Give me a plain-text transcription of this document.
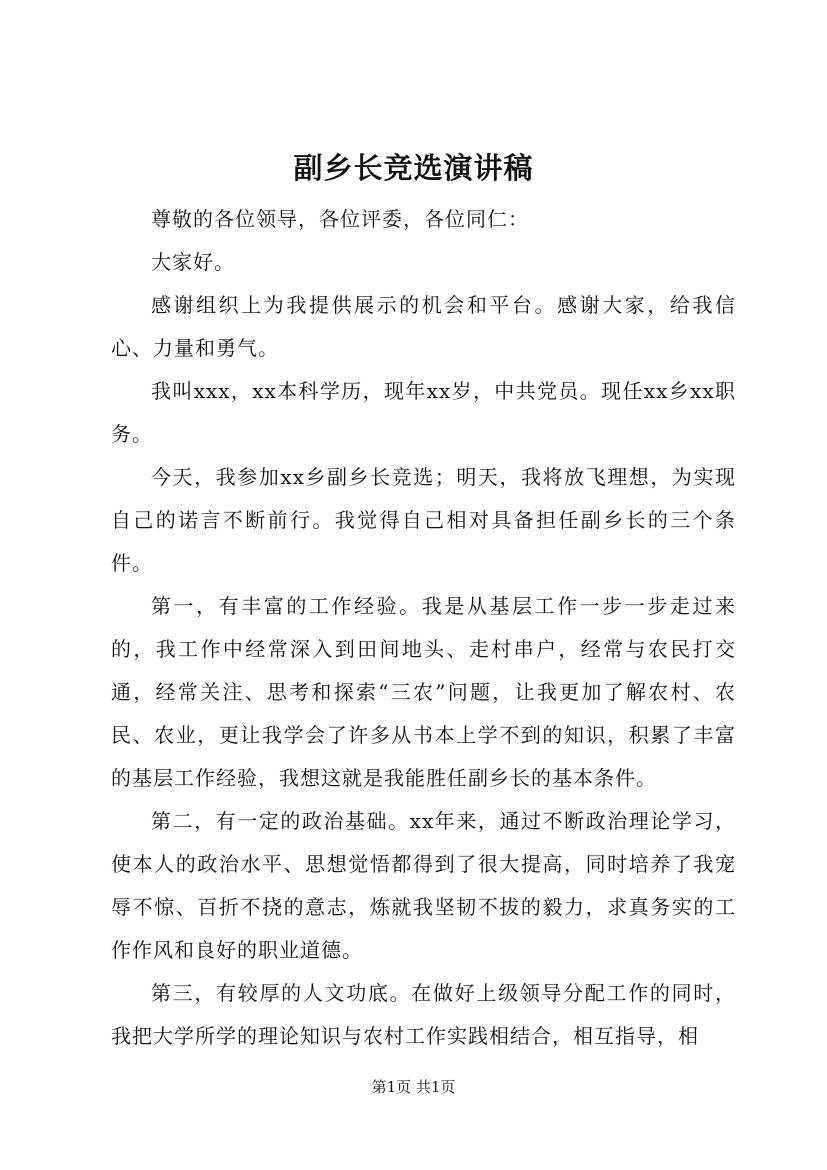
副乡长竞选演讲稿

尊敬的各位领导，各位评委，各位同仁：

大家好。

感谢组织上为我提供展示的机会和平台。感谢大家，给我信心、力量和勇气。

我叫xxx，xx本科学历，现年xx岁，中共党员。现任xx乡xx职务。

今天，我参加xx乡副乡长竞选；明天，我将放飞理想，为实现自己的诺言不断前行。我觉得自己相对具备担任副乡长的三个条件。

第一，有丰富的工作经验。我是从基层工作一步一步走过来的，我工作中经常深入到田间地头、走村串户，经常与农民打交通，经常关注、思考和探索“三农”问题，让我更加了解农村、农民、农业，更让我学会了许多从书本上学不到的知识，积累了丰富的基层工作经验，我想这就是我能胜任副乡长的基本条件。

第二，有一定的政治基础。xx年来，通过不断政治理论学习，使本人的政治水平、思想觉悟都得到了很大提高，同时培养了我宠辱不惊、百折不挠的意志，炼就我坚韧不拔的毅力，求真务实的工作作风和良好的职业道德。

第三，有较厚的人文功底。在做好上级领导分配工作的同时，我把大学所学的理论知识与农村工作实践相结合，相互指导，相

第1页 共1页
